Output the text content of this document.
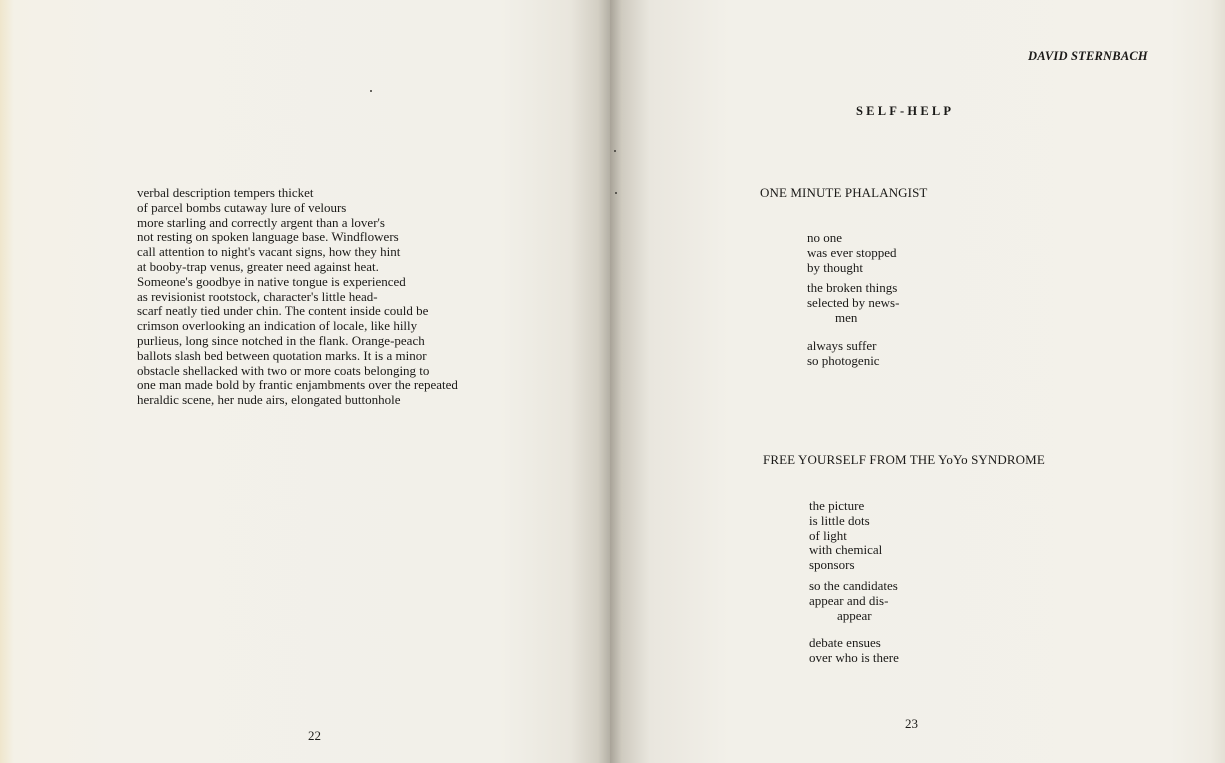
verbal description tempers thicket
of parcel bombs cutaway lure of velours
more starling and correctly argent than a lover's
not resting on spoken language base. Windflowers
call attention to night's vacant signs, how they hint
at booby-trap venus, greater need against heat.
Someone's goodbye in native tongue is experienced
as revisionist rootstock, character's little head-
scarf neatly tied under chin. The content inside could be
crimson overlooking an indication of locale, like hilly
purlieus, long since notched in the flank. Orange-peach
ballots slash bed between quotation marks. It is a minor
obstacle shellacked with two or more coats belonging to
one man made bold by frantic enjambments over the repeated
heraldic scene, her nude airs, elongated buttonhole

22
DAVID STERNBACH
SELF-HELP
ONE MINUTE PHALANGIST

no one
was ever stopped
by thought
the broken things
selected by news-
men
always suffer
so photogenic

FREE YOURSELF FROM THE YoYo SYNDROME

the picture
is little dots
of light
with chemical
sponsors
so the candidates
appear and dis-
appear
debate ensues
over who is there

23
